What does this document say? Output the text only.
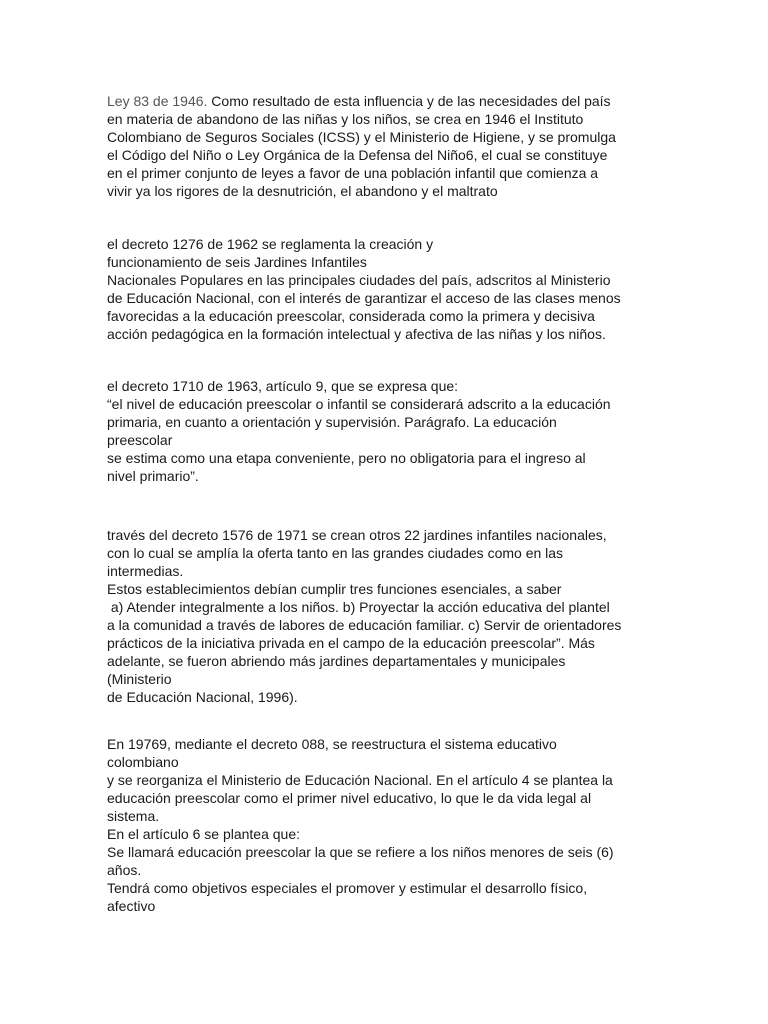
Ley 83 de 1946. Como resultado de esta influencia y de las necesidades del país
en materia de abandono de las niñas y los niños, se crea en 1946 el Instituto
Colombiano de Seguros Sociales (ICSS) y el Ministerio de Higiene, y se promulga
el Código del Niño o Ley Orgánica de la Defensa del Niño6, el cual se constituye
en el primer conjunto de leyes a favor de una población infantil que comienza a
vivir ya los rigores de la desnutrición, el abandono y el maltrato
el decreto 1276 de 1962 se reglamenta la creación y
funcionamiento de seis Jardines Infantiles
Nacionales Populares en las principales ciudades del país, adscritos al Ministerio
de Educación Nacional, con el interés de garantizar el acceso de las clases menos
favorecidas a la educación preescolar, considerada como la primera y decisiva
acción pedagógica en la formación intelectual y afectiva de las niñas y los niños.
el decreto 1710 de 1963, artículo 9, que se expresa que:
“el nivel de educación preescolar o infantil se considerará adscrito a la educación
primaria, en cuanto a orientación y supervisión. Parágrafo. La educación
preescolar
se estima como una etapa conveniente, pero no obligatoria para el ingreso al
nivel primario”.
través del decreto 1576 de 1971 se crean otros 22 jardines infantiles nacionales,
con lo cual se amplía la oferta tanto en las grandes ciudades como en las
intermedias.
Estos establecimientos debían cumplir tres funciones esenciales, a saber
a) Atender integralmente a los niños. b) Proyectar la acción educativa del plantel
a la comunidad a través de labores de educación familiar. c) Servir de orientadores
prácticos de la iniciativa privada en el campo de la educación preescolar”. Más
adelante, se fueron abriendo más jardines departamentales y municipales
(Ministerio
de Educación Nacional, 1996).
En 19769, mediante el decreto 088, se reestructura el sistema educativo
colombiano
y se reorganiza el Ministerio de Educación Nacional. En el artículo 4 se plantea la
educación preescolar como el primer nivel educativo, lo que le da vida legal al
sistema.
En el artículo 6 se plantea que:
Se llamará educación preescolar la que se refiere a los niños menores de seis (6)
años.
Tendrá como objetivos especiales el promover y estimular el desarrollo físico,
afectivo
